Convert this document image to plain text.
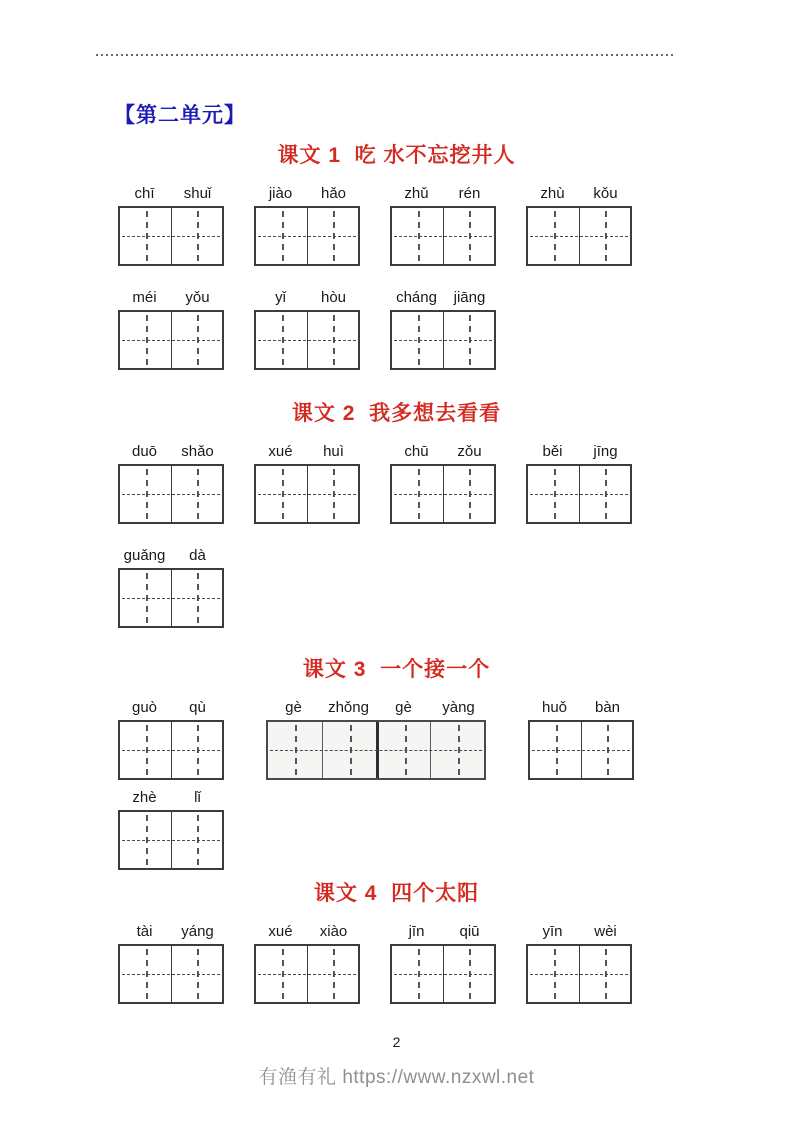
【第二单元】
课文 1  吃 水不忘挖井人
chī	shuǐ	jiào	hǎo	zhǔ	rén	zhù	kǒu
méi	yǒu	yǐ	hòu	cháng	jiāng
课文 2  我多想去看看
duō	shǎo	xué	huì	chū	zǒu	běi	jīng
guǎng	dà
课文 3  一个接一个
guò	qù	gè	zhǒng	gè	yàng	huǒ	bàn
zhè	lǐ
课文 4  四个太阳
tài	yáng	xué	xiào	jīn	qiū	yīn	wèi
2
有渔有礼 https://www.nzxwl.net
